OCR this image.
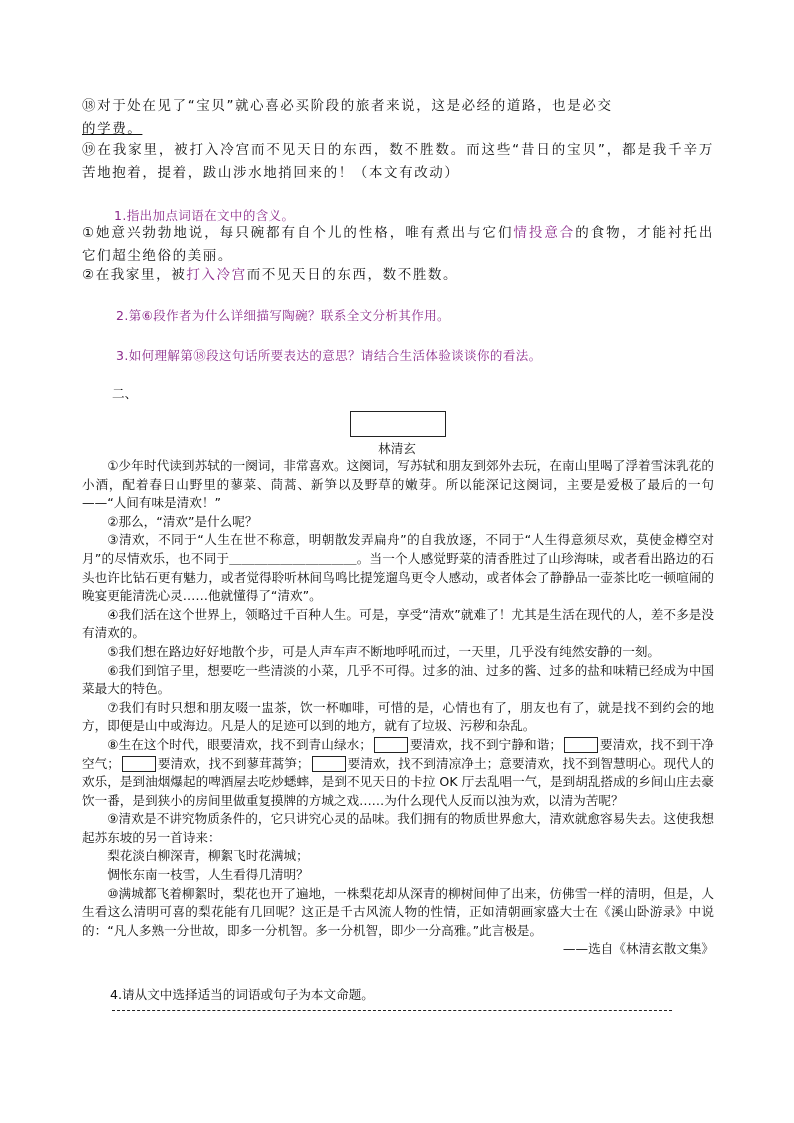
⑱对于处在见了“宝贝”就心喜必买阶段的旅者来说，这是必经的道路，也是必交
的学费。
⑲在我家里，被打入冷宫而不见天日的东西，数不胜数。而这些“昔日的宝贝”，都是我千辛万苦地抱着，提着，跋山涉水地捎回来的！（本文有改动）
1.指出加点词语在文中的含义。
①她意兴勃勃地说，每只碗都有自个儿的性格，唯有煮出与它们情投意合的食物，才能衬托出它们超尘绝俗的美丽。
②在我家里，被打入冷宫而不见天日的东西，数不胜数。
2.第⑥段作者为什么详细描写陶碗？联系全文分析其作用。
3.如何理解第⑱段这句话所要表达的意思？请结合生活体验谈谈你的看法。
二、
林清玄
①少年时代读到苏轼的一阕词，非常喜欢。这阕词，写苏轼和朋友到郊外去玩，在南山里喝了浮着雪沫乳花的小酒，配着春日山野里的蓼菜、茼蒿、新笋以及野草的嫩芽。所以能深记这阕词，主要是爱极了最后的一句——“人间有味是清欢！”
②那么，“清欢”是什么呢？
③清欢，不同于“人生在世不称意，明朝散发弄扁舟”的自我放逐，不同于“人生得意须尽欢，莫使金樽空对月”的尽情欢乐，也不同于＿＿＿＿＿＿＿＿＿＿。当一个人感觉野菜的清香胜过了山珍海味，或者看出路边的石头也许比钻石更有魅力，或者觉得聆听林间鸟鸣比提笼遛鸟更令人感动，或者体会了静静品一壶茶比吃一顿喧闹的晚宴更能清洗心灵……他就懂得了“清欢”。
④我们活在这个世界上，领略过千百种人生。可是，享受“清欢”就难了！尤其是生活在现代的人，差不多是没有清欢的。
⑤我们想在路边好好地散个步，可是人声车声不断地呼吼而过，一天里，几乎没有纯然安静的一刻。
⑥我们到馆子里，想要吃一些清淡的小菜，几乎不可得。过多的油、过多的酱、过多的盐和味精已经成为中国菜最大的特色。
⑦我们有时只想和朋友啜一盅茶，饮一杯咖啡，可惜的是，心情也有了，朋友也有了，就是找不到约会的地方，即便是山中或海边。凡是人的足迹可以到的地方，就有了垃圾、污秽和杂乱。
⑧生在这个时代，眼要清欢，找不到青山绿水；	要清欢，找不到宁静和谐；	要清欢，找不到干净空气；	要清欢，找不到蓼茸蒿笋；	要清欢，找不到清凉净土；意要清欢，找不到智慧明心。现代人的欢乐，是到油烟爆起的啤酒屋去吃炒蟋蟀，是到不见天日的卡拉 OK 厅去乱唱一气，是到胡乱搭成的乡间山庄去豪饮一番，是到狭小的房间里做重复摸牌的方城之戏……为什么现代人反而以浊为欢，以清为苦呢？
⑨清欢是不讲究物质条件的，它只讲究心灵的品味。我们拥有的物质世界愈大，清欢就愈容易失去。这使我想起苏东坡的另一首诗来：
梨花淡白柳深青，柳絮飞时花满城；
惆怅东南一枝雪，人生看得几清明？
⑩满城都飞着柳絮时，梨花也开了遍地，一株梨花却从深青的柳树间伸了出来，仿佛雪一样的清明，但是，人生看这么清明可喜的梨花能有几回呢？这正是千古风流人物的性情，正如清朝画家盛大士在《溪山卧游录》中说的：“凡人多熟一分世故，即多一分机智。多一分机智，即少一分高雅。”此言极是。
——选自《林清玄散文集》
4.请从文中选择适当的词语或句子为本文命题。
